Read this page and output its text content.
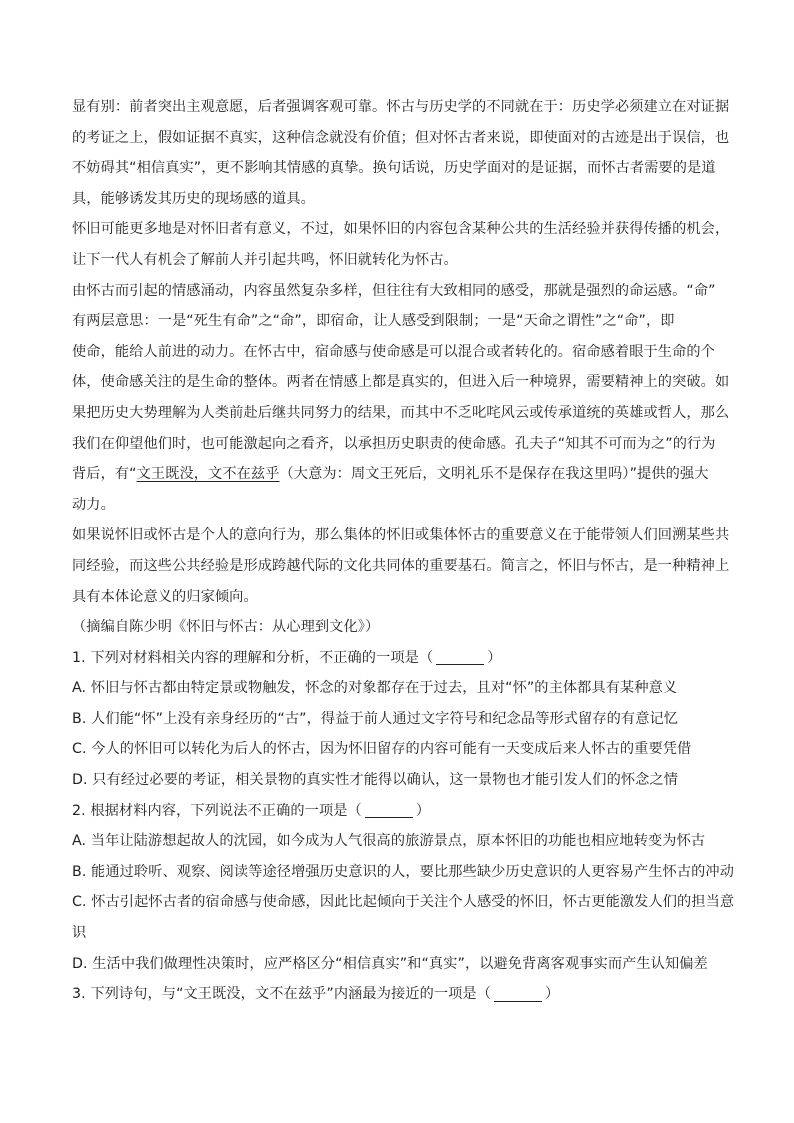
显有别：前者突出主观意愿，后者强调客观可靠。怀古与历史学的不同就在于：历史学必须建立在对证据
的考证之上，假如证据不真实，这种信念就没有价值；但对怀古者来说，即使面对的古迹是出于误信，也
不妨碍其“相信真实”，更不影响其情感的真挚。换句话说，历史学面对的是证据，而怀古者需要的是道
具，能够诱发其历史的现场感的道具。
怀旧可能更多地是对怀旧者有意义，不过，如果怀旧的内容包含某种公共的生活经验并获得传播的机会，
让下一代人有机会了解前人并引起共鸣，怀旧就转化为怀古。
由怀古而引起的情感涌动，内容虽然复杂多样，但往往有大致相同的感受，那就是强烈的命运感。“命”
有两层意思：一是“死生有命”之“命”，即宿命，让人感受到限制；一是“天命之谓性”之“命”，即
使命，能给人前进的动力。在怀古中，宿命感与使命感是可以混合或者转化的。宿命感着眼于生命的个
体，使命感关注的是生命的整体。两者在情感上都是真实的，但进入后一种境界，需要精神上的突破。如
果把历史大势理解为人类前赴后继共同努力的结果，而其中不乏叱咤风云或传承道统的英雄或哲人，那么
我们在仰望他们时，也可能激起向之看齐，以承担历史职责的使命感。孔夫子“知其不可而为之”的行为
背后，有“文王既没，文不在兹乎（大意为：周文王死后，文明礼乐不是保存在我这里吗）”提供的强大
动力。
如果说怀旧或怀古是个人的意向行为，那么集体的怀旧或集体怀古的重要意义在于能带领人们回溯某些共
同经验，而这些公共经验是形成跨越代际的文化共同体的重要基石。简言之，怀旧与怀古，是一种精神上
具有本体论意义的归家倾向。
（摘编自陈少明《怀旧与怀古：从心理到文化》）
1. 下列对材料相关内容的理解和分析，不正确的一项是（	）
A. 怀旧与怀古都由特定景或物触发，怀念的对象都存在于过去，且对“怀”的主体都具有某种意义
B. 人们能“怀”上没有亲身经历的“古”，得益于前人通过文字符号和纪念品等形式留存的有意记忆
C. 今人的怀旧可以转化为后人的怀古，因为怀旧留存的内容可能有一天变成后来人怀古的重要凭借
D. 只有经过必要的考证，相关景物的真实性才能得以确认，这一景物也才能引发人们的怀念之情
2. 根据材料内容，下列说法不正确的一项是（	）
A. 当年让陆游想起故人的沈园，如今成为人气很高的旅游景点，原本怀旧的功能也相应地转变为怀古
B. 能通过聆听、观察、阅读等途径增强历史意识的人，要比那些缺少历史意识的人更容易产生怀古的冲动
C. 怀古引起怀古者的宿命感与使命感，因此比起倾向于关注个人感受的怀旧，怀古更能激发人们的担当意
识
D. 生活中我们做理性决策时，应严格区分“相信真实”和“真实”，以避免背离客观事实而产生认知偏差
3. 下列诗句，与“文王既没，文不在兹乎”内涵最为接近的一项是（	）
